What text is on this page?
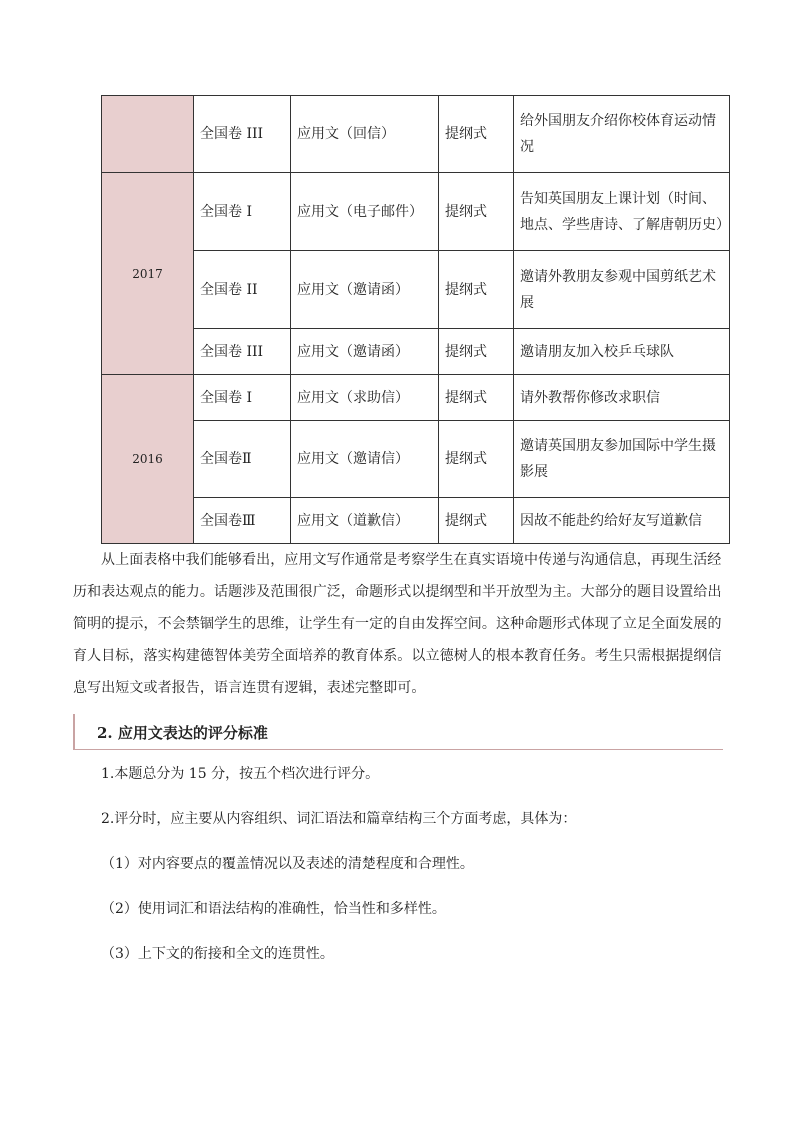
	全国卷 III	应用文（回信）	提纲式	给外国朋友介绍你校体育运动情况
2017	全国卷 I	应用文（电子邮件）	提纲式	告知英国朋友上课计划（时间、地点、学些唐诗、了解唐朝历史）
	全国卷 II	应用文（邀请函）	提纲式	邀请外教朋友参观中国剪纸艺术展
	全国卷 III	应用文（邀请函）	提纲式	邀请朋友加入校乒乓球队
2016	全国卷 I	应用文（求助信）	提纲式	请外教帮你修改求职信
	全国卷Ⅱ	应用文（邀请信）	提纲式	邀请英国朋友参加国际中学生摄影展
	全国卷Ⅲ	应用文（道歉信）	提纲式	因故不能赴约给好友写道歉信

从上面表格中我们能够看出，应用文写作通常是考察学生在真实语境中传递与沟通信息，再现生活经历和表达观点的能力。话题涉及范围很广泛，命题形式以提纲型和半开放型为主。大部分的题目设置给出简明的提示，不会禁锢学生的思维，让学生有一定的自由发挥空间。这种命题形式体现了立足全面发展的育人目标，落实构建德智体美劳全面培养的教育体系。以立德树人的根本教育任务。考生只需根据提纲信息写出短文或者报告，语言连贯有逻辑，表述完整即可。

2. 应用文表达的评分标准
1.本题总分为 15 分，按五个档次进行评分。
2.评分时，应主要从内容组织、词汇语法和篇章结构三个方面考虑，具体为：
（1）对内容要点的覆盖情况以及表述的清楚程度和合理性。
（2）使用词汇和语法结构的准确性，恰当性和多样性。
（3）上下文的衔接和全文的连贯性。
